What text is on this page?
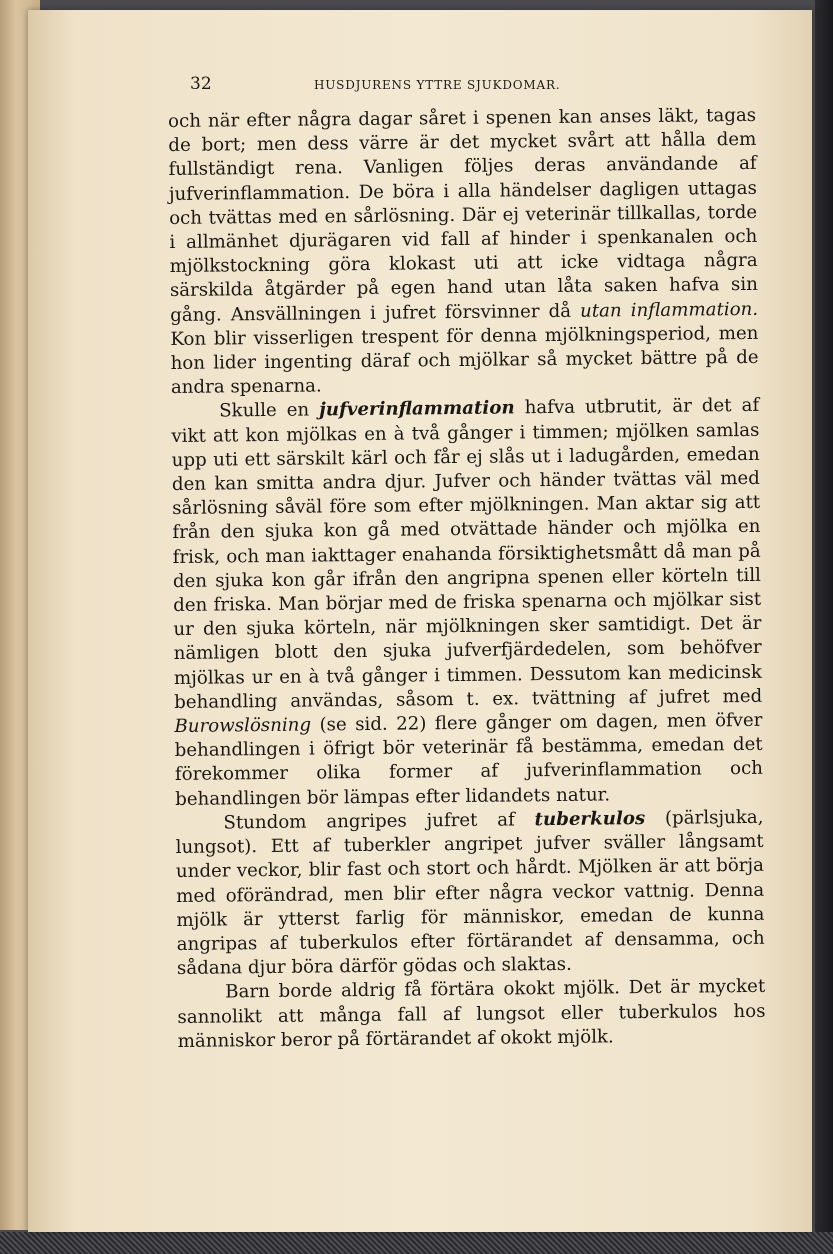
32	HUSDJURENS YTTRE SJUKDOMAR.

och när efter några dagar såret i spenen kan anses läkt, tagas de bort; men dess värre är det mycket svårt att hålla dem fullständigt rena. Vanligen följes deras användande af jufverinflammation. De böra i alla händelser dagligen uttagas och tvättas med en sårlösning. Där ej veterinär tillkallas, torde i allmänhet djurägaren vid fall af hinder i spenkanalen och mjölkstockning göra klokast uti att icke vidtaga några särskilda åtgärder på egen hand utan låta saken hafva sin gång. Ansvällningen i jufret försvinner då utan inflammation. Kon blir visserligen trespent för denna mjölkningsperiod, men hon lider ingenting däraf och mjölkar så mycket bättre på de andra spenarna.

Skulle en jufverinflammation hafva utbrutit, är det af vikt att kon mjölkas en à två gånger i timmen; mjölken samlas upp uti ett särskilt kärl och får ej slås ut i ladugården, emedan den kan smitta andra djur. Jufver och händer tvättas väl med sårlösning såväl före som efter mjölkningen. Man aktar sig att från den sjuka kon gå med otvättade händer och mjölka en frisk, och man iakttager enahanda försiktighetsmått då man på den sjuka kon går ifrån den angripna spenen eller körteln till den friska. Man börjar med de friska spenarna och mjölkar sist ur den sjuka körteln, när mjölkningen sker samtidigt. Det är nämligen blott den sjuka jufverfjärdedelen, som behöfver mjölkas ur en à två gånger i timmen. Dessutom kan medicinsk behandling användas, såsom t. ex. tvättning af jufret med Burowslösning (se sid. 22) flere gånger om dagen, men öfver behandlingen i öfrigt bör veterinär få bestämma, emedan det förekommer olika former af jufverinflammation och behandlingen bör lämpas efter lidandets natur.

Stundom angripes jufret af tuberkulos (pärlsjuka, lungsot). Ett af tuberkler angripet jufver sväller långsamt under veckor, blir fast och stort och hårdt. Mjölken är att börja med oförändrad, men blir efter några veckor vattnig. Denna mjölk är ytterst farlig för människor, emedan de kunna angripas af tuberkulos efter förtärandet af densamma, och sådana djur böra därför gödas och slaktas.

Barn borde aldrig få förtära okokt mjölk. Det är mycket sannolikt att många fall af lungsot eller tuberkulos hos människor beror på förtärandet af okokt mjölk.
